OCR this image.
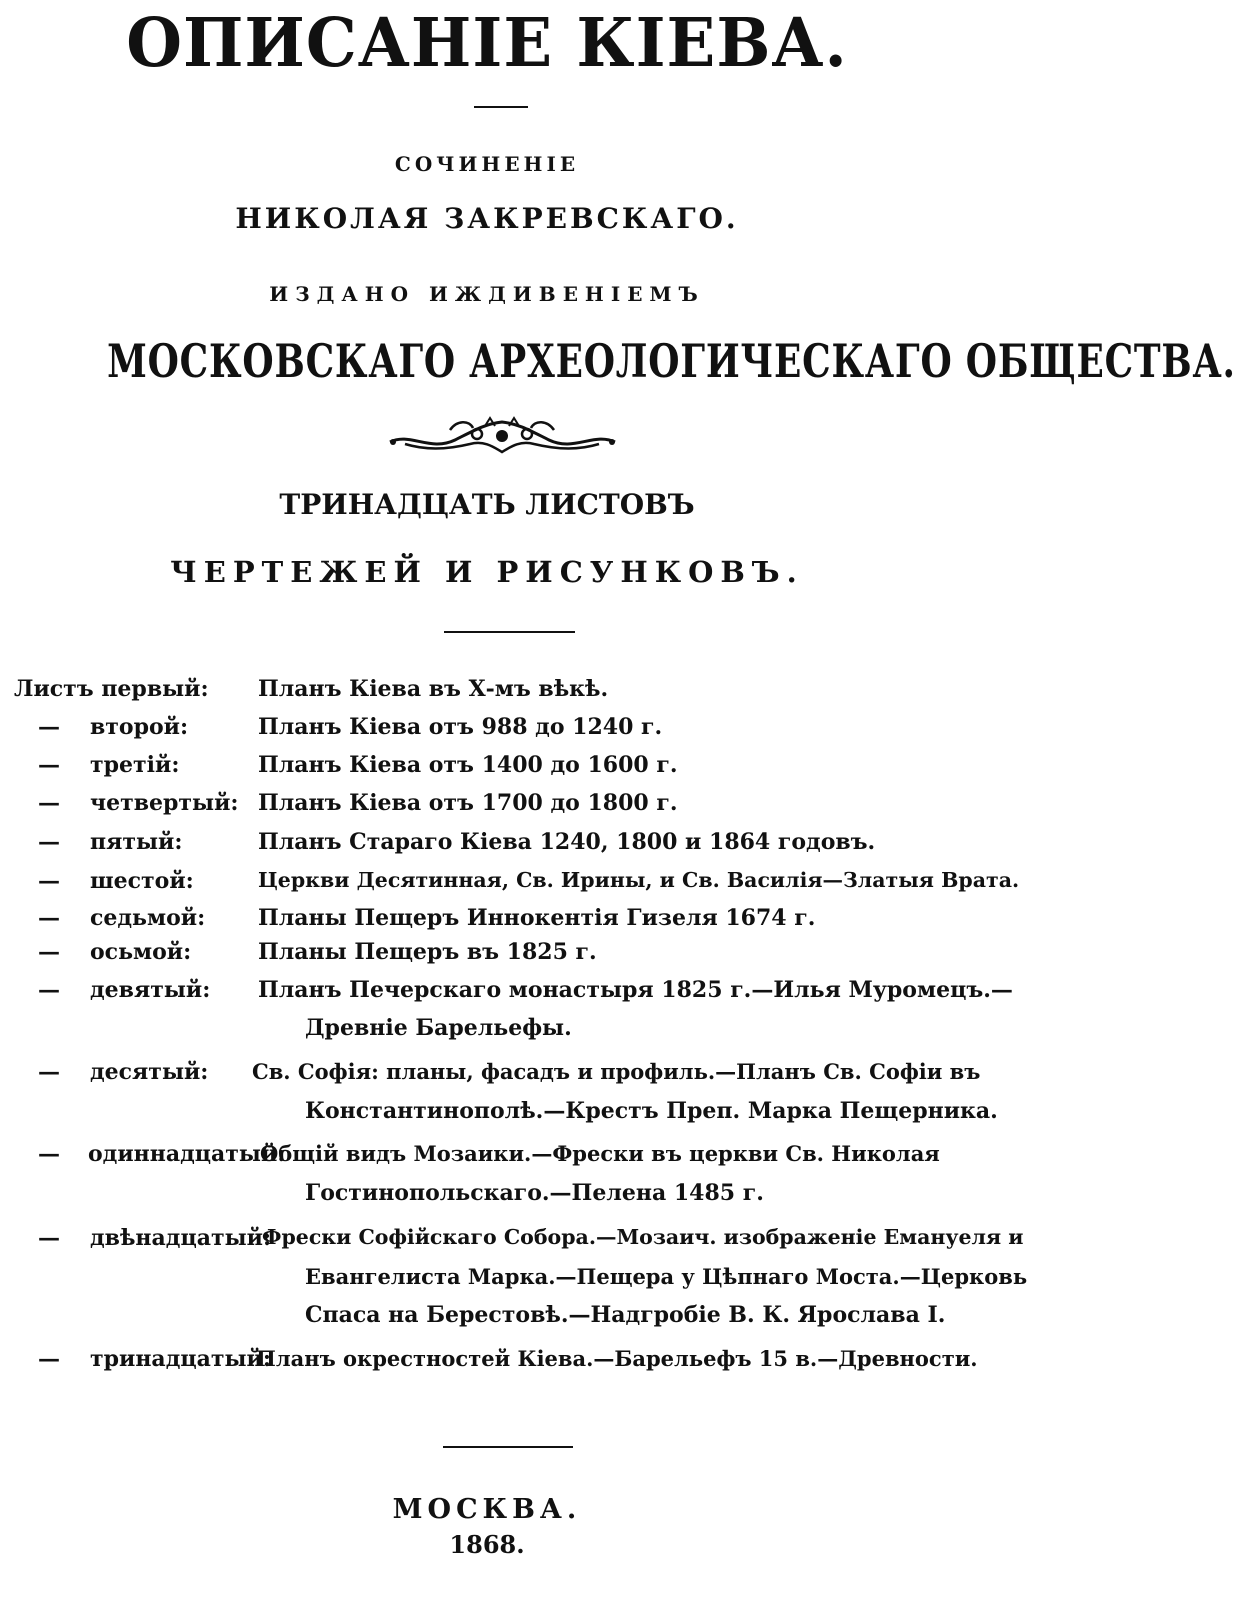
ОПИСАНІЕ КІЕВА.
СОЧИНЕНІЕ
НИКОЛАЯ ЗАКРЕВСКАГО.
ИЗДАНО ИЖДИВЕНІЕМЪ
МОСКОВСКАГО АРХЕОЛОГИЧЕСКАГО ОБЩЕСТВА.
ТРИНАДЦАТЬ ЛИСТОВЪ
ЧЕРТЕЖЕЙ И РИСУНКОВЪ.
Листъ первый: Планъ Кіева въ Х-мъ вѣкѣ.
— второй:	Планъ Кіева отъ 988 до 1240 г.
— третій:	Планъ Кіева отъ 1400 до 1600 г.
— четвертый: Планъ Кіева отъ 1700 до 1800 г.
— пятый:	Планъ Стараго Кіева 1240, 1800 и 1864 годовъ.
— шестой:	Церкви Десятинная, Св. Ирины, и Св. Василія—Златыя Врата.
— седьмой: Планы Пещеръ Иннокентія Гизеля 1674 г.
— осьмой:	Планы Пещеръ въ 1825 г.
— девятый: Планъ Печерскаго монастыря 1825 г.—Илья Муромецъ.—
Древніе Барельефы.
— десятый: Св. Софія: планы, фасадъ и профиль.—Планъ Св. Софіи въ
Константинополѣ.—Крестъ Преп. Марка Пещерника.
— одиннадцатый:
Общій видъ Мозаики.—Фрески въ церкви Св. Николая
Гостинопольскаго.—Пелена 1485 г.
— двѣнадцатый:
Фрески Софійскаго Собора.—Мозаич. изображеніе Емануеля и
Евангелиста Марка.—Пещера у Цѣпнаго Моста.—Церковь
Спаса на Берестовѣ.—Надгробіе В. К. Ярослава I.
— тринадцатый:
Планъ окрестностей Кіева.—Барельефъ 15 в.—Древности.
МОСКВА.
1868.
